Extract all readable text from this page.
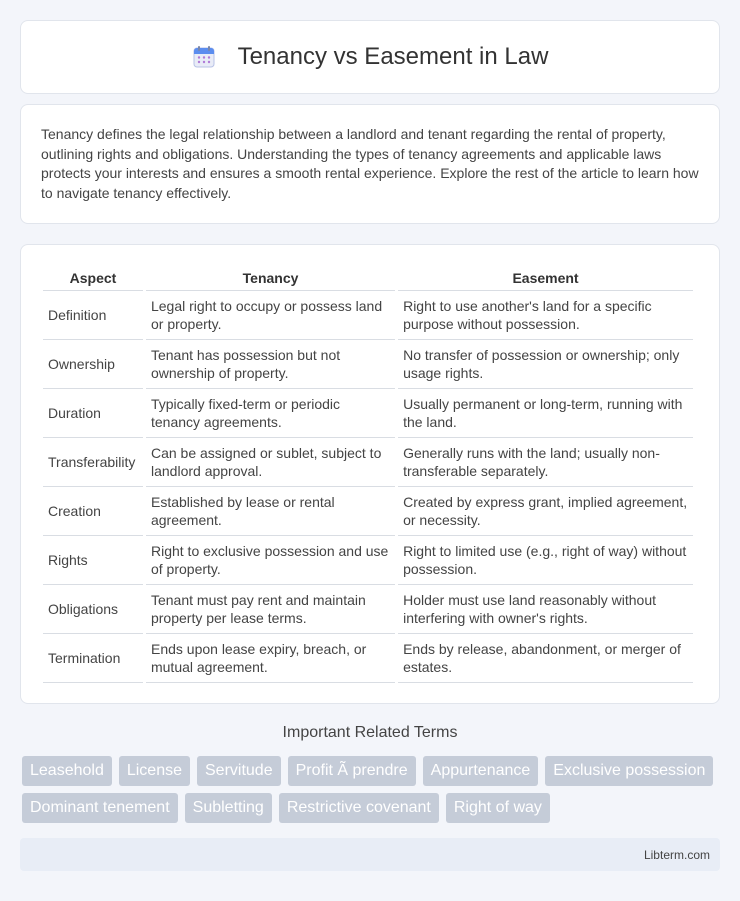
Tenancy vs Easement in Law

Tenancy defines the legal relationship between a landlord and tenant regarding the rental of property, outlining rights and obligations. Understanding the types of tenancy agreements and applicable laws protects your interests and ensures a smooth rental experience. Explore the rest of the article to learn how to navigate tenancy effectively.

Aspect	Tenancy	Easement
Definition	Legal right to occupy or possess land or property.	Right to use another's land for a specific purpose without possession.
Ownership	Tenant has possession but not ownership of property.	No transfer of possession or ownership; only usage rights.
Duration	Typically fixed-term or periodic tenancy agreements.	Usually permanent or long-term, running with the land.
Transferability	Can be assigned or sublet, subject to landlord approval.	Generally runs with the land; usually non-transferable separately.
Creation	Established by lease or rental agreement.	Created by express grant, implied agreement, or necessity.
Rights	Right to exclusive possession and use of property.	Right to limited use (e.g., right of way) without possession.
Obligations	Tenant must pay rent and maintain property per lease terms.	Holder must use land reasonably without interfering with owner's rights.
Termination	Ends upon lease expiry, breach, or mutual agreement.	Ends by release, abandonment, or merger of estates.
Important Related Terms
Leasehold	License	Servitude	Profit Ã prendre	Appurtenance	Exclusive possession
Dominant tenement	Subletting	Restrictive covenant	Right of way
Libterm.com
